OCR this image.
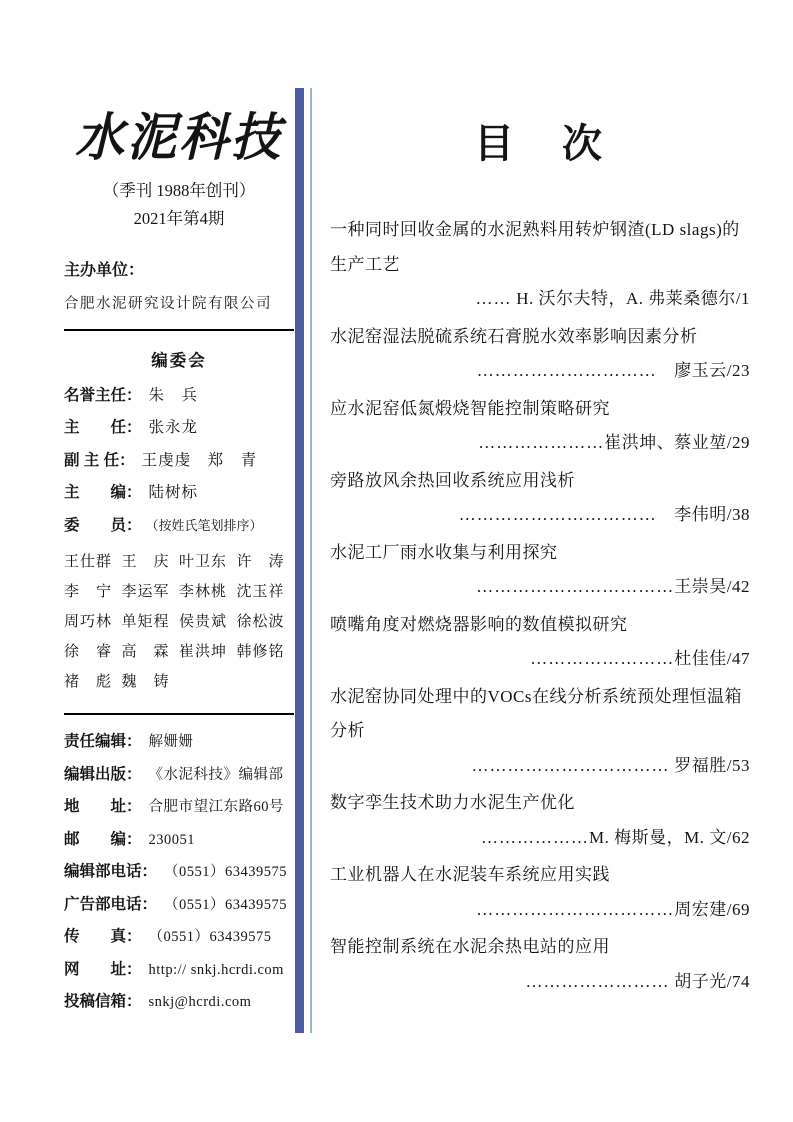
水泥科技
（季刊 1988年创刊）
2021年第4期
主办单位：
合肥水泥研究设计院有限公司
编委会
名誉主任： 朱　兵
主　　任： 张永龙
副 主 任： 王虔虔　郑　青
主　　编： 陆树标
委　　员： （按姓氏笔划排序）
王仕群 王　庆 叶卫东 许　涛
李　宁 李运军 李林桃 沈玉祥
周巧林 单矩程 侯贵斌 徐松波
徐　睿 高　霖 崔洪坤 韩修铭
褚　彪 魏　铸
责任编辑： 解姗姗
编辑出版： 《水泥科技》编辑部
地　　址： 合肥市望江东路60号
邮　　编： 230051
编辑部电话： （0551）63439575
广告部电话： （0551）63439575
传　　真： （0551）63439575
网　　址： http:// snkj.hcrdi.com
投稿信箱： snkj@hcrdi.com
目　次
一种同时回收金属的水泥熟料用转炉钢渣(LD slags)的生产工艺
…… H. 沃尔夫特，A. 弗莱桑德尔/1
水泥窑湿法脱硫系统石膏脱水效率影响因素分析
…………………………　廖玉云/23
应水泥窑低氮煅烧智能控制策略研究
…………………崔洪坤、蔡业堃/29
旁路放风余热回收系统应用浅析
……………………………　李伟明/38
水泥工厂雨水收集与利用探究
……………………………王崇昊/42
喷嘴角度对燃烧器影响的数值模拟研究
……………………杜佳佳/47
水泥窑协同处理中的VOCs在线分析系统预处理恒温箱分析
…………………………… 罗福胜/53
数字孪生技术助力水泥生产优化
………………M. 梅斯曼，M. 文/62
工业机器人在水泥装车系统应用实践
……………………………周宏建/69
智能控制系统在水泥余热电站的应用
…………………… 胡子光/74
